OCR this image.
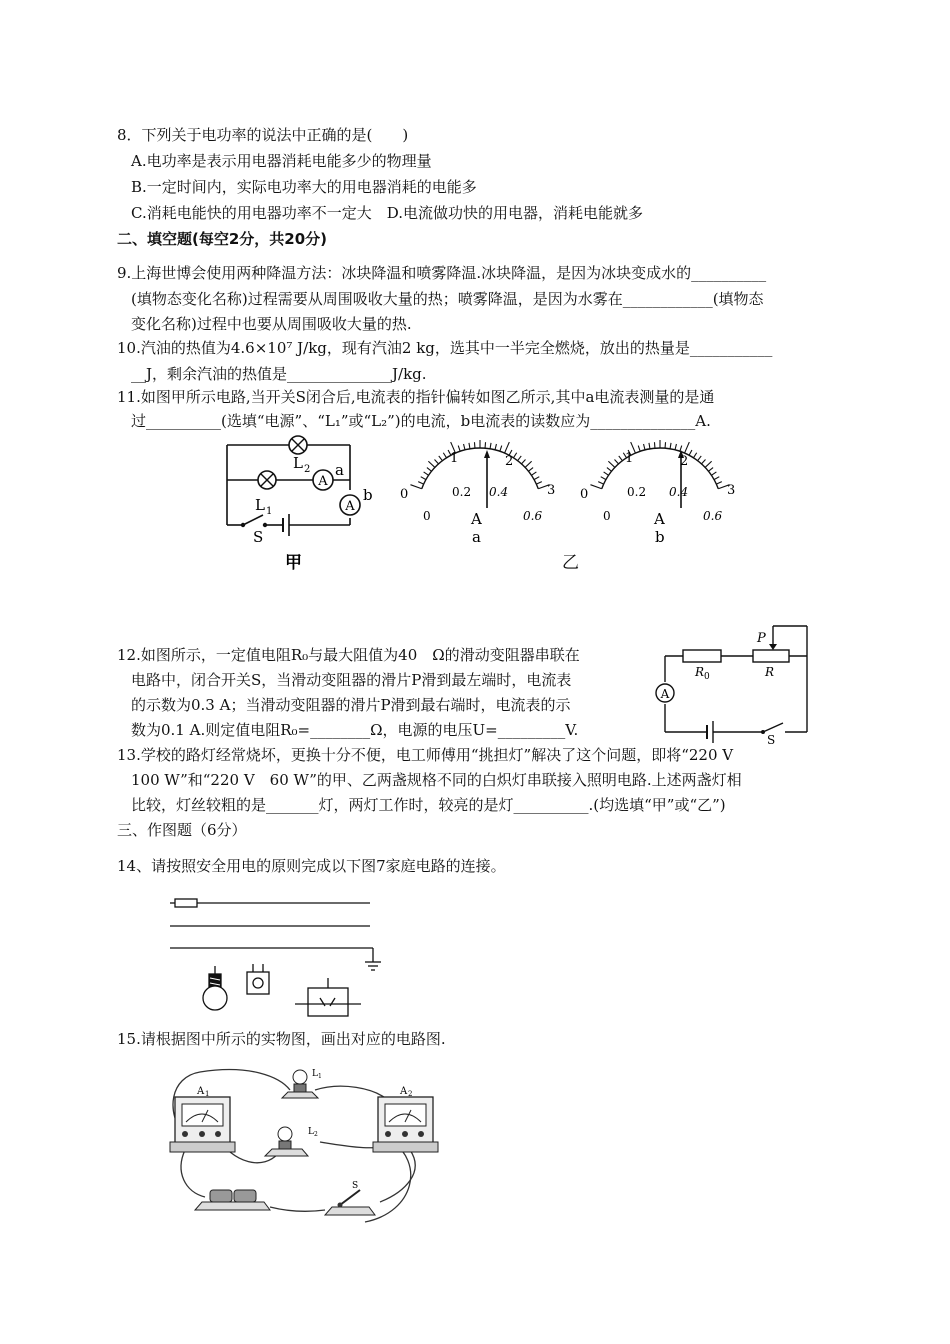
8．下列关于电功率的说法中正确的是(　　)
A.电功率是表示用电器消耗电能多少的物理量
B.一定时间内，实际电功率大的用电器消耗的电能多
C.消耗电能快的用电器功率不一定大　D.电流做功快的用电器，消耗电能就多
二、填空题(每空2分，共20分)
9.上海世博会使用两种降温方法：冰块降温和喷雾降温.冰块降温，是因为冰块变成水的__________
(填物态变化名称)过程需要从周围吸收大量的热；喷雾降温，是因为水雾在____________(填物态
变化名称)过程中也要从周围吸收大量的热.
10.汽油的热值为4.6×10⁷ J/kg，现有汽油2 kg，选其中一半完全燃烧，放出的热量是___________
__J，剩余汽油的热值是______________J/kg.
11.如图甲所示电路,当开关S闭合后,电流表的指针偏转如图乙所示,其中a电流表测量的是通
过__________(选填“电源”、“L₁”或“L₂”)的电流，b电流表的读数应为______________A.
A
A
L 2 a
b
L 1
S
甲
0
1	2
3
0
0.2 0.4
0.6
A
a
0
1	2
3
0
0.2 0.4
0.6
A
b
乙
12.如图所示，一定值电阻R₀与最大阻值为40　Ω的滑动变阻器串联在
电路中，闭合开关S，当滑动变阻器的滑片P滑到最左端时，电流表
的示数为0.3 A；当滑动变阻器的滑片P滑到最右端时，电流表的示
数为0.1 A.则定值电阻R₀=________Ω，电源的电压U=_________V.
A
P
R 0	R
S
13.学校的路灯经常烧坏，更换十分不便，电工师傅用“挑担灯”解决了这个问题，即将“220 V
100 W”和“220 V　60 W”的甲、乙两盏规格不同的白炽灯串联接入照明电路.上述两盏灯相
比较，灯丝较粗的是_______灯，两灯工作时，较亮的是灯__________.(均选填“甲”或“乙”)
三、作图题（6分）
14、请按照安全用电的原则完成以下图7家庭电路的连接。
15.请根据图中所示的实物图，画出对应的电路图.
A 1	A 2
L 1
L 2
S
